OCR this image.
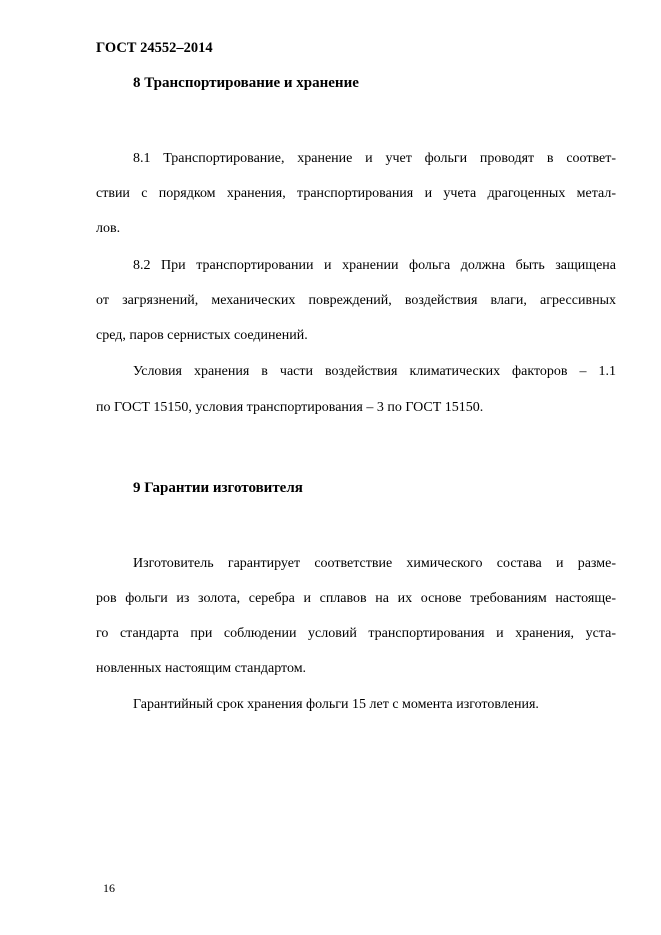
ГОСТ 24552–2014
8 Транспортирование и хранение
8.1 Транспортирование, хранение и учет фольги проводят в соответ-
ствии с порядком хранения, транспортирования и учета драгоценных метал-
лов.
8.2 При транспортировании и хранении фольга должна быть защищена
от загрязнений, механических повреждений, воздействия влаги, агрессивных
сред, паров сернистых соединений.
Условия хранения в части воздействия климатических факторов – 1.1
по ГОСТ 15150, условия транспортирования – 3 по ГОСТ 15150.
9 Гарантии изготовителя
Изготовитель гарантирует соответствие химического состава и разме-
ров фольги из золота, серебра и сплавов на их основе требованиям настояще-
го стандарта при соблюдении условий транспортирования и хранения, уста-
новленных настоящим стандартом.
Гарантийный срок хранения фольги 15 лет с момента изготовления.
16
